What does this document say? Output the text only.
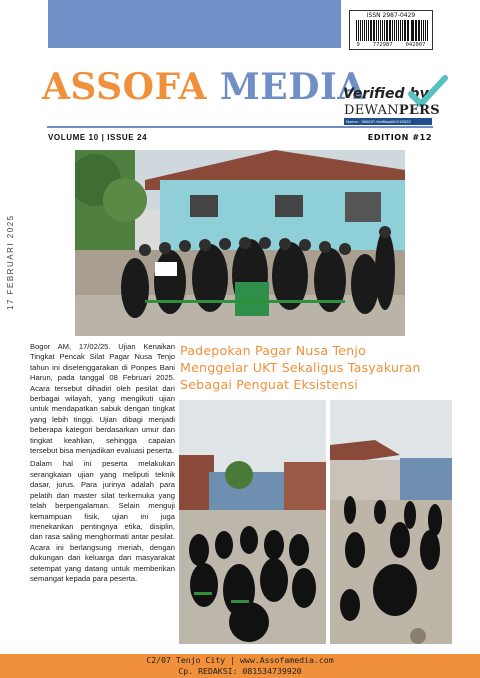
ISSN 2987-0429
9 772987 042007
ASSOFA MEDIA
Verified by
DEWANPERS
Nomor : 966/DP-Verifikasi/K/XI/2022
VOLUME 10 | ISSUE 24	EDITION #12
17 FEBRUARI 2025

Bogor AM, 17/02/25. Ujian Kenaikan Tingkat Pencak Silat Pagar Nusa Tenjo tahun ini diselenggarakan di Ponpes Bani Harun, pada tanggal 08 Februari 2025. Acara tersebut dihadiri oleh pesilat dari berbagai wilayah, yang mengikuti ujian untuk mendapatkan sabuk dengan tingkat yang lebih tinggi. Ujian dibagi menjadi beberapa kategori berdasarkan umur dan tingkat keahlian, sehingga capaian tersebut bisa menjadikan evaluasi peserta.

Dalam hal ini peserta melakukan serangkaian ujian yang meliputi teknik dasar, jurus. Para jurinya adalah para pelatih dan master silat terkemuka yang telah berpengalaman. Selain menguji kemampuan fisik, ujian ini juga menekankan pentingnya etika, disiplin, dan rasa saling menghormati antar pesilat. Acara ini berlangsung meriah, dengan dukungan dari keluarga dan masyarakat setempat yang datang untuk memberikan semangat kepada para peserta.

Padepokan Pagar Nusa Tenjo
Menggelar UKT Sekaligus Tasyakuran
Sebagai Penguat Eksistensi
C2/07 Tenjo City | www.Assofamedia.com
Cp. REDAKSI: 081534739920
